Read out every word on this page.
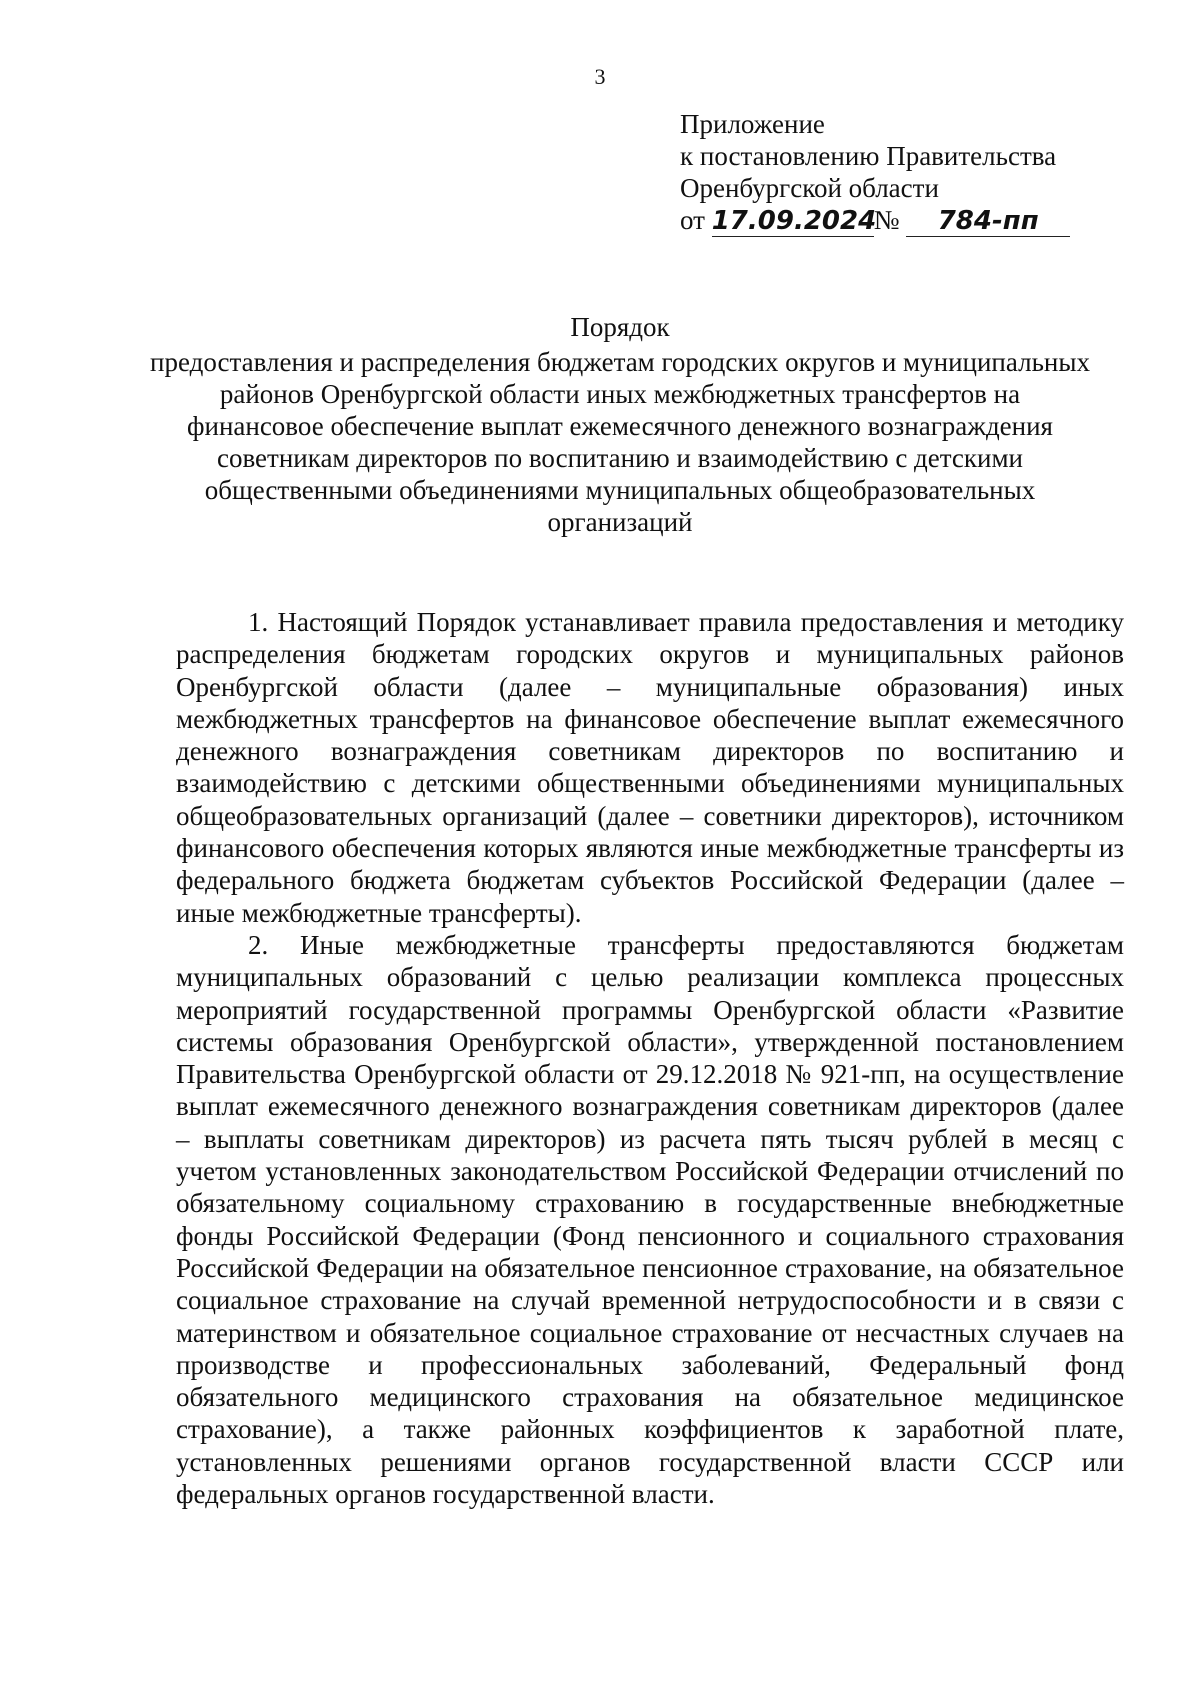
3
Приложение
к постановлению Правительства
Оренбургской области
от 17.09.2024№ 784-пп
Порядок
предоставления и распределения бюджетам городских округов и муниципальных районов Оренбургской области иных межбюджетных трансфертов на финансовое обеспечение выплат ежемесячного денежного вознаграждения советникам директоров по воспитанию и взаимодействию с детскими общественными объединениями муниципальных общеобразовательных организаций

1. Настоящий Порядок устанавливает правила предоставления и методику распределения бюджетам городских округов и муниципальных районов Оренбургской области (далее – муниципальные образования) иных межбюджетных трансфертов на финансовое обеспечение выплат ежемесячного денежного вознаграждения советникам директоров по воспитанию и взаимодействию с детскими общественными объединениями муниципальных общеобразовательных организаций (далее – советники директоров), источником финансового обеспечения которых являются иные межбюджетные трансферты из федерального бюджета бюджетам субъектов Российской Федерации (далее – иные межбюджетные трансферты).

2. Иные межбюджетные трансферты предоставляются бюджетам муниципальных образований с целью реализации комплекса процессных мероприятий государственной программы Оренбургской области «Развитие системы образования Оренбургской области», утвержденной постановлением Правительства Оренбургской области от 29.12.2018 № 921-пп, на осуществление выплат ежемесячного денежного вознаграждения советникам директоров (далее – выплаты советникам директоров) из расчета пять тысяч рублей в месяц с учетом установленных законодательством Российской Федерации отчислений по обязательному социальному страхованию в государственные внебюджетные фонды Российской Федерации (Фонд пенсионного и социального страхования Российской Федерации на обязательное пенсионное страхование, на обязательное социальное страхование на случай временной нетрудоспособности и в связи с материнством и обязательное социальное страхование от несчастных случаев на производстве и профессиональных заболеваний, Федеральный фонд обязательного медицинского страхования на обязательное медицинское страхование), а также районных коэффициентов к заработной плате, установленных решениями органов государственной власти СССР или федеральных органов государственной власти.
